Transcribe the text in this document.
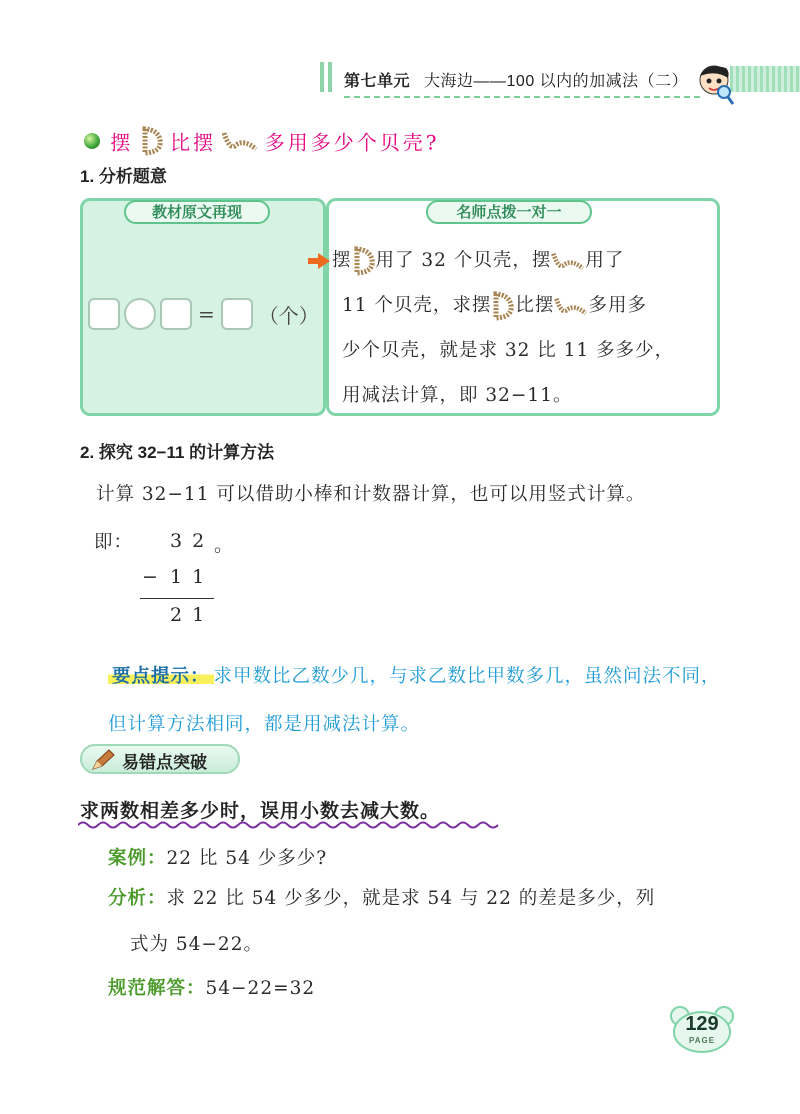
第七单元 大海边——100 以内的加减法（二）
摆 比摆 多用多少个贝壳?
1. 分析题意
教材原文再现	名师点拨一对一
= （个）
摆 用了 32 个贝壳，摆 用了
11 个贝壳，求摆 比摆 多用多
少个贝壳，就是求 32 比 11 多多少，
用减法计算，即 32−11。
2. 探究 32−11 的计算方法
计算 32−11 可以借助小棒和计数器计算，也可以用竖式计算。
即： 3 2 。
− 1 1
2 1
要点提示： 求甲数比乙数少几，与求乙数比甲数多几，虽然问法不同，但计算方法相同，都是用减法计算。
易错点突破
求两数相差多少时，误用小数去减大数。
案例：22 比 54 少多少?
分析：求 22 比 54 少多少，就是求 54 与 22 的差是多少，列
式为 54−22。
规范解答：54−22=32
129
PAGE
